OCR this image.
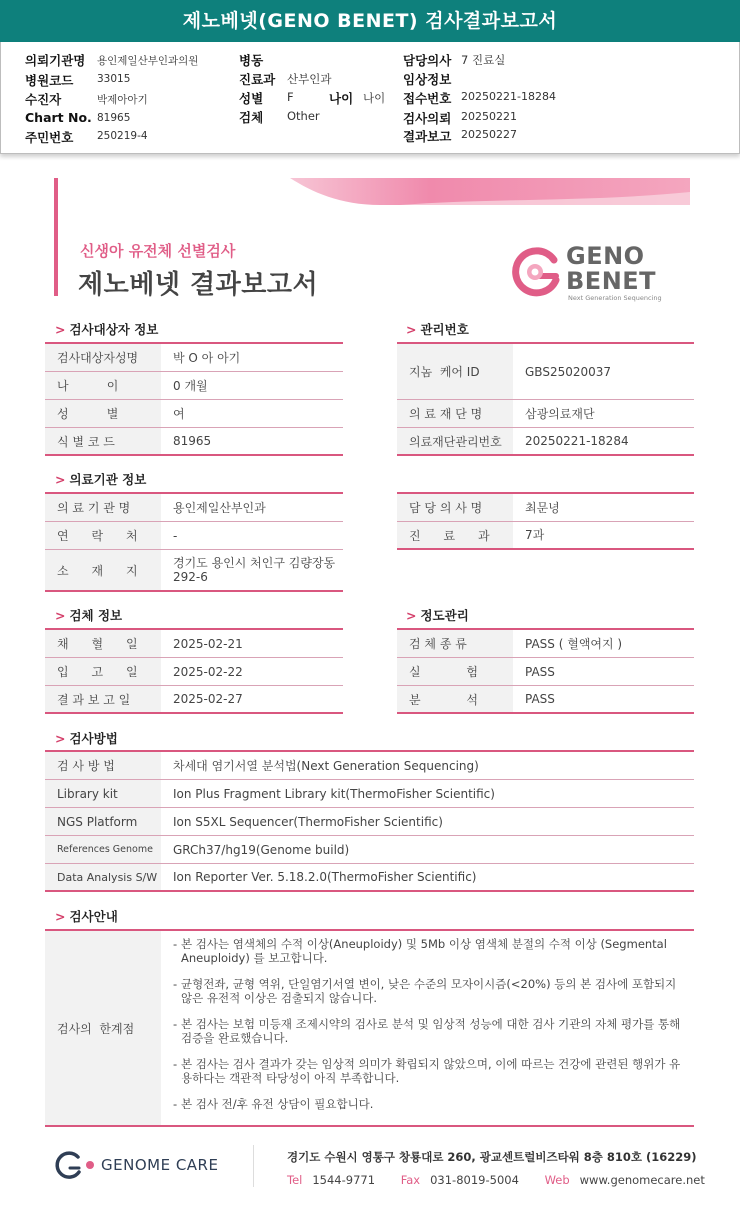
제노베넷(GENO BENET) 검사결과보고서
의뢰기관명 용인제일산부인과의원
병원코드 33015
수진자	박제아아기
Chart No. 81965
주민번호 250219-4
병동
진료과 산부인과
성별 F	나이 나이
검체 Other
담당의사 7 진료실
임상정보
접수번호 20250221-18284
검사의뢰 20250221
결과보고 20250227
신생아 유전체 선별검사
제노베넷 결과보고서
GENO
BENET
Next Generation Sequencing
> 검사대상자 정보
검사대상자성명	박 O 아 아기
나          이	0 개월
성          별	여
식 별 코 드	81965
> 관리번호
지놈  케어 ID	GBS25020037
의 료 재 단 명	삼광의료재단
의료재단관리번호	20250221-18284
> 의료기관 정보
의 료 기 관 명	용인제일산부인과
연      락      처	-
소      재      지
경기도 용인시 처인구 김량장동
292-6
담 당 의 사 명	최문녕
진      료      과	7과
> 검체 정보
채      혈      일	2025-02-21
입      고      일	2025-02-22
결 과 보 고 일	2025-02-27
> 정도관리
검 체 종 류	PASS ( 혈액여지 )
실            험	PASS
분            석	PASS
> 검사방법
검 사 방 법	차세대 염기서열 분석법(Next Generation Sequencing)
Library kit	Ion Plus Fragment Library kit(ThermoFisher Scientific)
NGS Platform	Ion S5XL Sequencer(ThermoFisher Scientific)
References Genome	GRCh37/hg19(Genome build)
Data Analysis S/W	Ion Reporter Ver. 5.18.2.0(ThermoFisher Scientific)
> 검사안내
검사의  한계점
- 본 검사는 염색체의 수적 이상(Aneuploidy) 및 5Mb 이상 염색체 분절의 수적 이상 (Segmental Aneuploidy) 를 보고합니다.
- 균형전좌, 균형 역위, 단일염기서열 변이, 낮은 수준의 모자이시즘(<20%) 등의 본 검사에 포함되지 않은 유전적 이상은 검출되지 않습니다.
- 본 검사는 보험 미등재 조제시약의 검사로 분석 및 임상적 성능에 대한 검사 기관의 자체 평가를 통해 검증을 완료했습니다.
- 본 검사는 검사 결과가 갖는 임상적 의미가 확립되지 않았으며, 이에 따르는 건강에 관련된 행위가 유용하다는 객관적 타당성이 아직 부족합니다.
- 본 검사 전/후 유전 상담이 필요합니다.
GENOME CARE	경기도 수원시 영통구 창룡대로 260, 광교센트럴비즈타워 8층 810호 (16229)
Tel 1544-9771 Fax 031-8019-5004 Web www.genomecare.net
